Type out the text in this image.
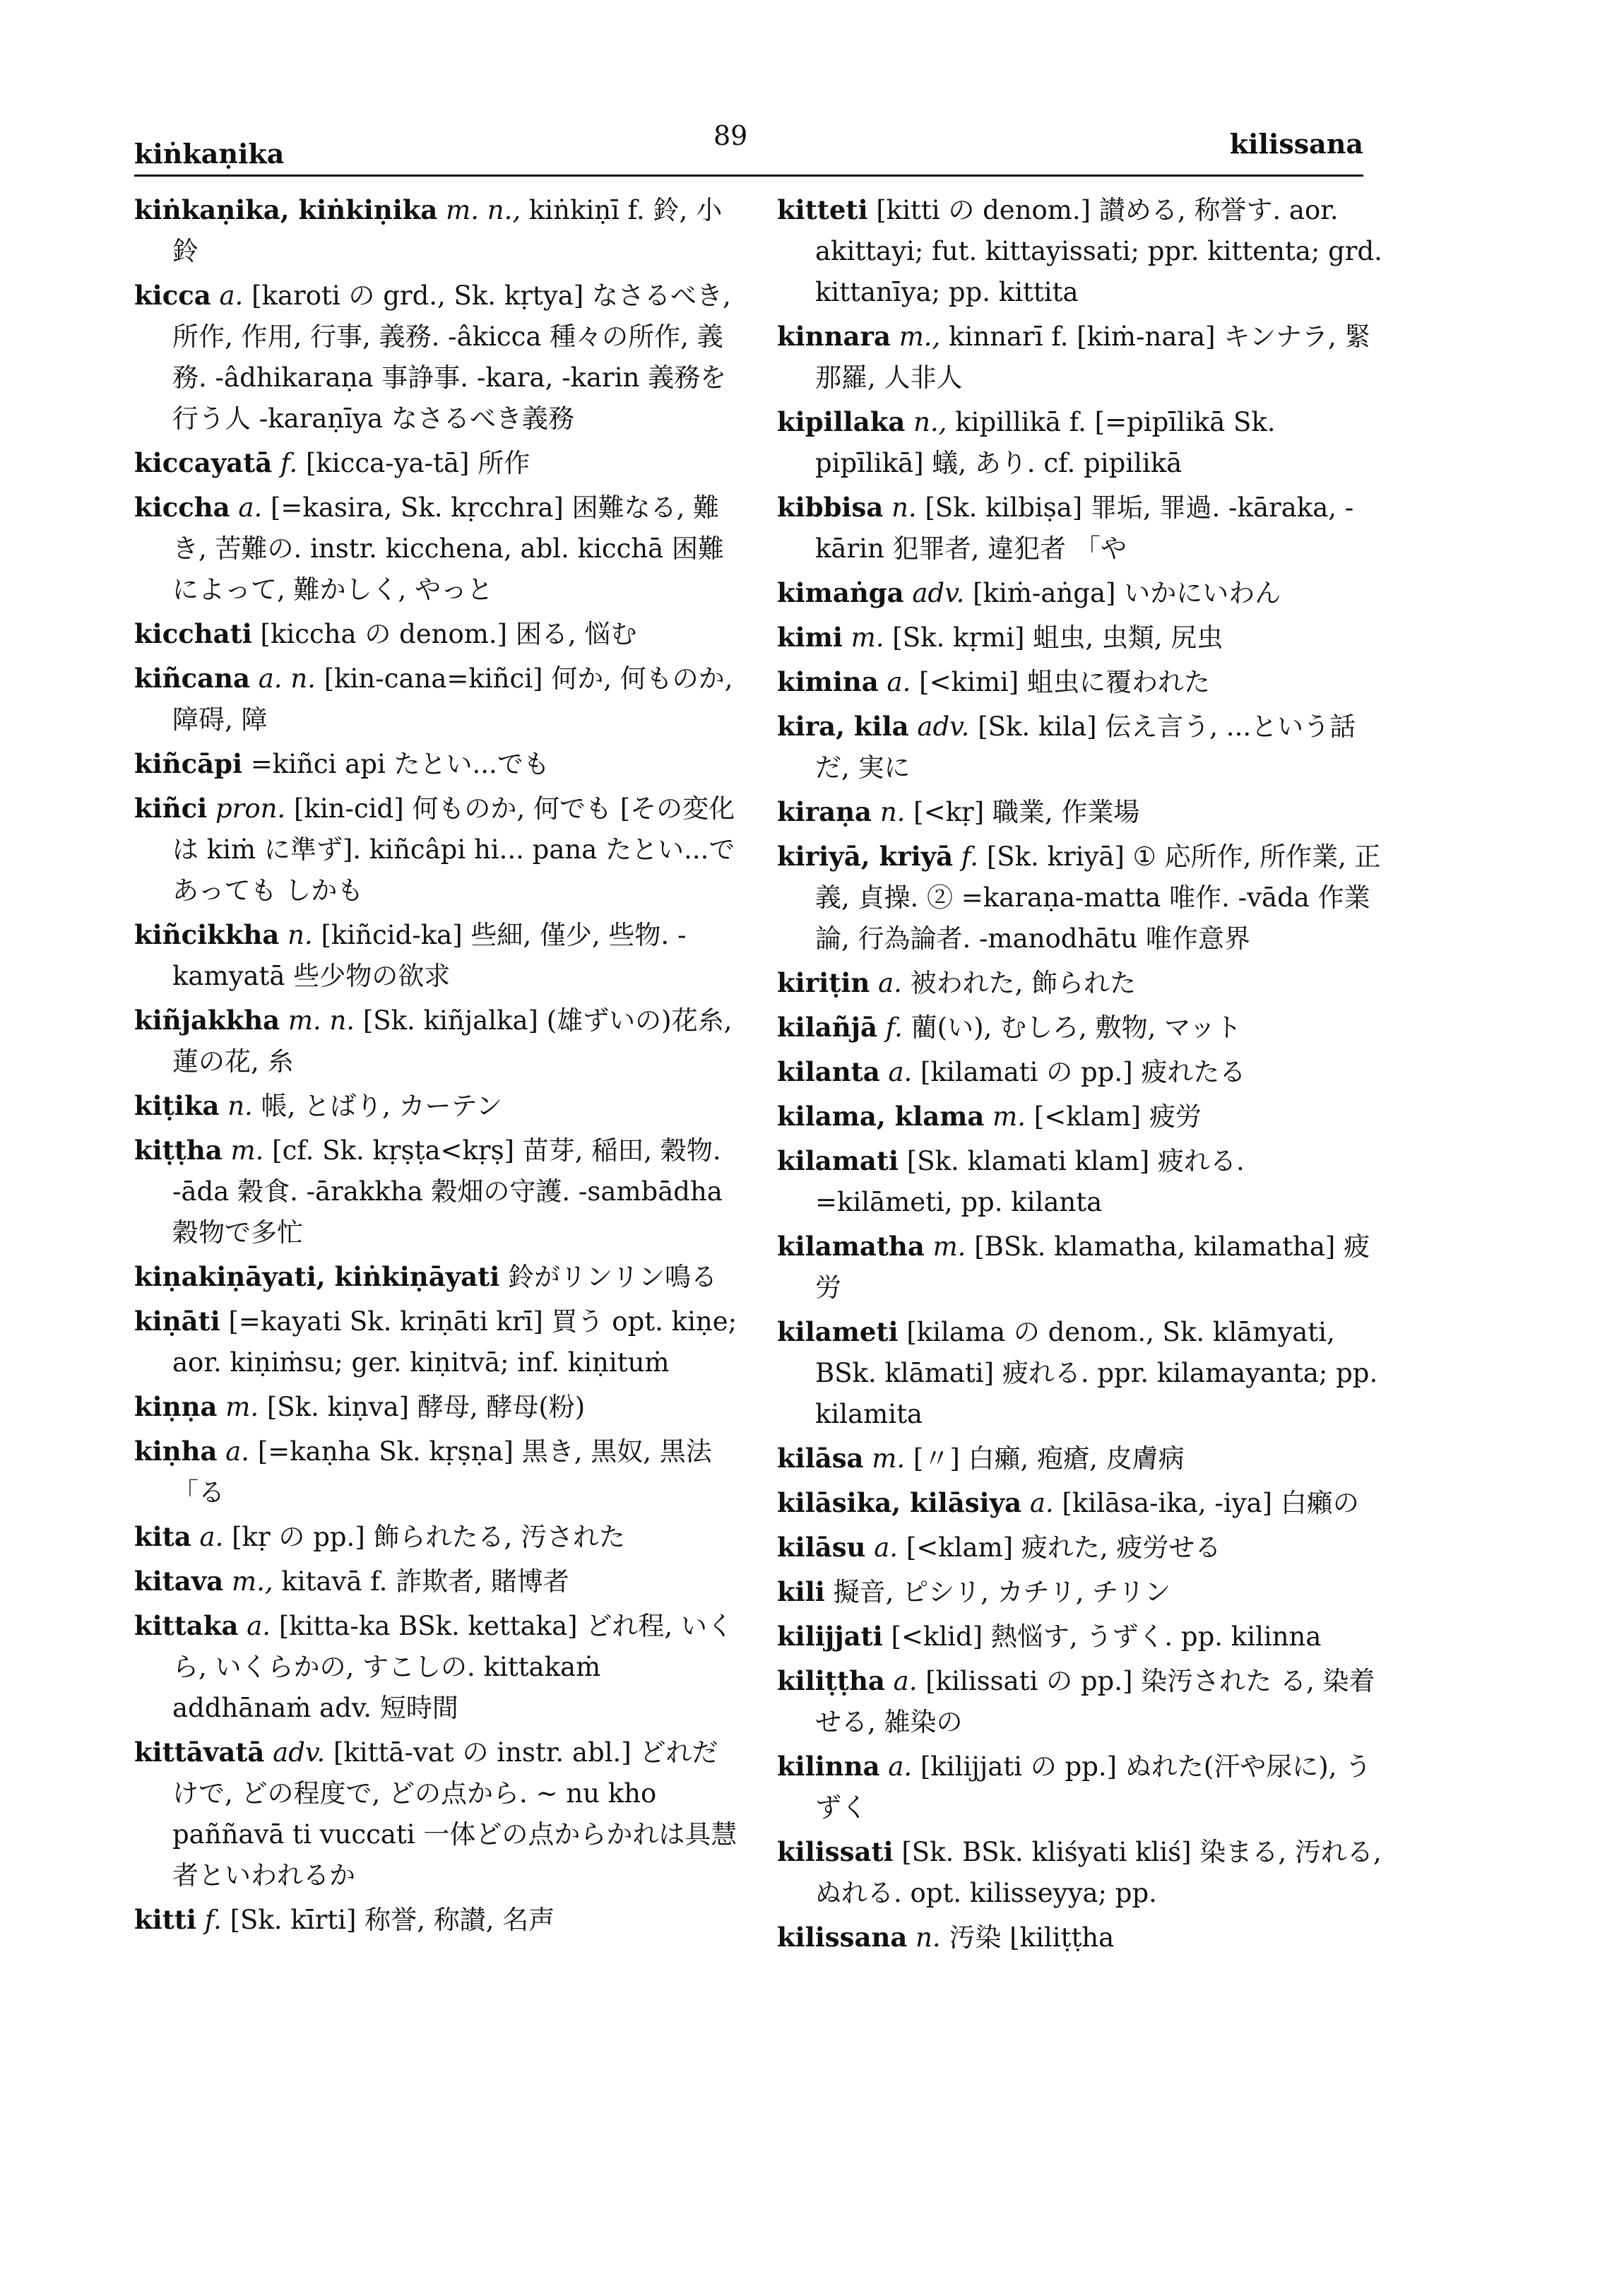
kiṅkaṇika
89	kilissana
kiṅkaṇika, kiṅkiṇika m. n., kiṅkiṇī f. 鈴, 小鈴
kicca a. [karoti の grd., Sk. kṛtya] なさるべき, 所作, 作用, 行事, 義務. -âkicca 種々の所作, 義務. -âdhikaraṇa 事諍事. -kara, -karin 義務を行う人 -karaṇīya なさるべき義務
kiccayatā f. [kicca-ya-tā] 所作
kiccha a. [=kasira, Sk. kṛcchra] 困難なる, 難き, 苦難の. instr. kicchena, abl. kicchā 困難によって, 難かしく, やっと
kicchati [kiccha の denom.] 困る, 悩む
kiñcana a. n. [kin-cana=kiñci] 何か, 何ものか, 障碍, 障
kiñcāpi =kiñci api たとい...でも
kiñci pron. [kin-cid] 何ものか, 何でも [その変化は kiṁ に準ず]. kiñcâpi hi... pana たとい...であっても しかも
kiñcikkha n. [kiñcid-ka] 些細, 僅少, 些物. -kamyatā 些少物の欲求
kiñjakkha m. n. [Sk. kiñjalka] (雄ずいの)花糸, 蓮の花, 糸
kiṭika n. 帳, とばり, カーテン
kiṭṭha m. [cf. Sk. kṛṣṭa<kṛṣ] 苗芽, 稲田, 穀物. -āda 穀食. -ārakkha 穀畑の守護. -sambādha 穀物で多忙
kiṇakiṇāyati, kiṅkiṇāyati 鈴がリンリン鳴る
kiṇāti [=kayati Sk. kriṇāti krī] 買う opt. kiṇe; aor. kiṇiṁsu; ger. kiṇitvā; inf. kiṇituṁ
kiṇṇa m. [Sk. kiṇva] 酵母, 酵母(粉)
kiṇha a. [=kaṇha Sk. kṛṣṇa] 黒き, 黒奴, 黒法 「る
kita a. [kṛ の pp.] 飾られたる, 汚された
kitava m., kitavā f. 詐欺者, 賭博者
kittaka a. [kitta-ka BSk. kettaka] どれ程, いくら, いくらかの, すこしの. kittakaṁ addhānaṁ adv. 短時間
kittāvatā adv. [kittā-vat の instr. abl.] どれだけで, どの程度で, どの点から. ~ nu kho paññavā ti vuccati 一体どの点からかれは具慧者といわれるか
kitti f. [Sk. kīrti] 称誉, 称讃, 名声
kitteti [kitti の denom.] 讃める, 称誉す. aor. akittayi; fut. kittayissati; ppr. kittenta; grd. kittanīya; pp. kittita
kinnara m., kinnarī f. [kiṁ-nara] キンナラ, 緊那羅, 人非人
kipillaka n., kipillikā f. [=pipīlikā Sk. pipīlikā] 蟻, あり. cf. pipilikā
kibbisa n. [Sk. kilbiṣa] 罪垢, 罪過. -kāraka, -kārin 犯罪者, 違犯者 「や
kimaṅga adv. [kiṁ-aṅga] いかにいわん
kimi m. [Sk. kṛmi] 蛆虫, 虫類, 尻虫
kimina a. [<kimi] 蛆虫に覆われた
kira, kila adv. [Sk. kila] 伝え言う, ...という話だ, 実に
kiraṇa n. [<kṛ] 職業, 作業場
kiriyā, kriyā f. [Sk. kriyā] ① 応所作, 所作業, 正義, 貞操. ② =karaṇa-matta 唯作. -vāda 作業論, 行為論者. -manodhātu 唯作意界
kiriṭin a. 被われた, 飾られた
kilañjā f. 藺(い), むしろ, 敷物, マット
kilanta a. [kilamati の pp.] 疲れたる
kilama, klama m. [<klam] 疲労
kilamati [Sk. klamati klam] 疲れる. =kilāmeti, pp. kilanta
kilamatha m. [BSk. klamatha, kilamatha] 疲労
kilameti [kilama の denom., Sk. klāmyati, BSk. klāmati] 疲れる. ppr. kilamayanta; pp. kilamita
kilāsa m. [〃] 白癩, 疱瘡, 皮膚病
kilāsika, kilāsiya a. [kilāsa-ika, -iya] 白癩の
kilāsu a. [<klam] 疲れた, 疲労せる
kili 擬音, ピシリ, カチリ, チリン
kilijjati [<klid] 熱悩す, うずく. pp. kilinna
kiliṭṭha a. [kilissati の pp.] 染汚された る, 染着せる, 雑染の
kilinna a. [kilijjati の pp.] ぬれた(汗や尿に), うずく
kilissati [Sk. BSk. kliśyati kliś] 染まる, 汚れる, ぬれる. opt. kilisseyya; pp.
kilissana n. 汚染 ⌊kiliṭṭha
